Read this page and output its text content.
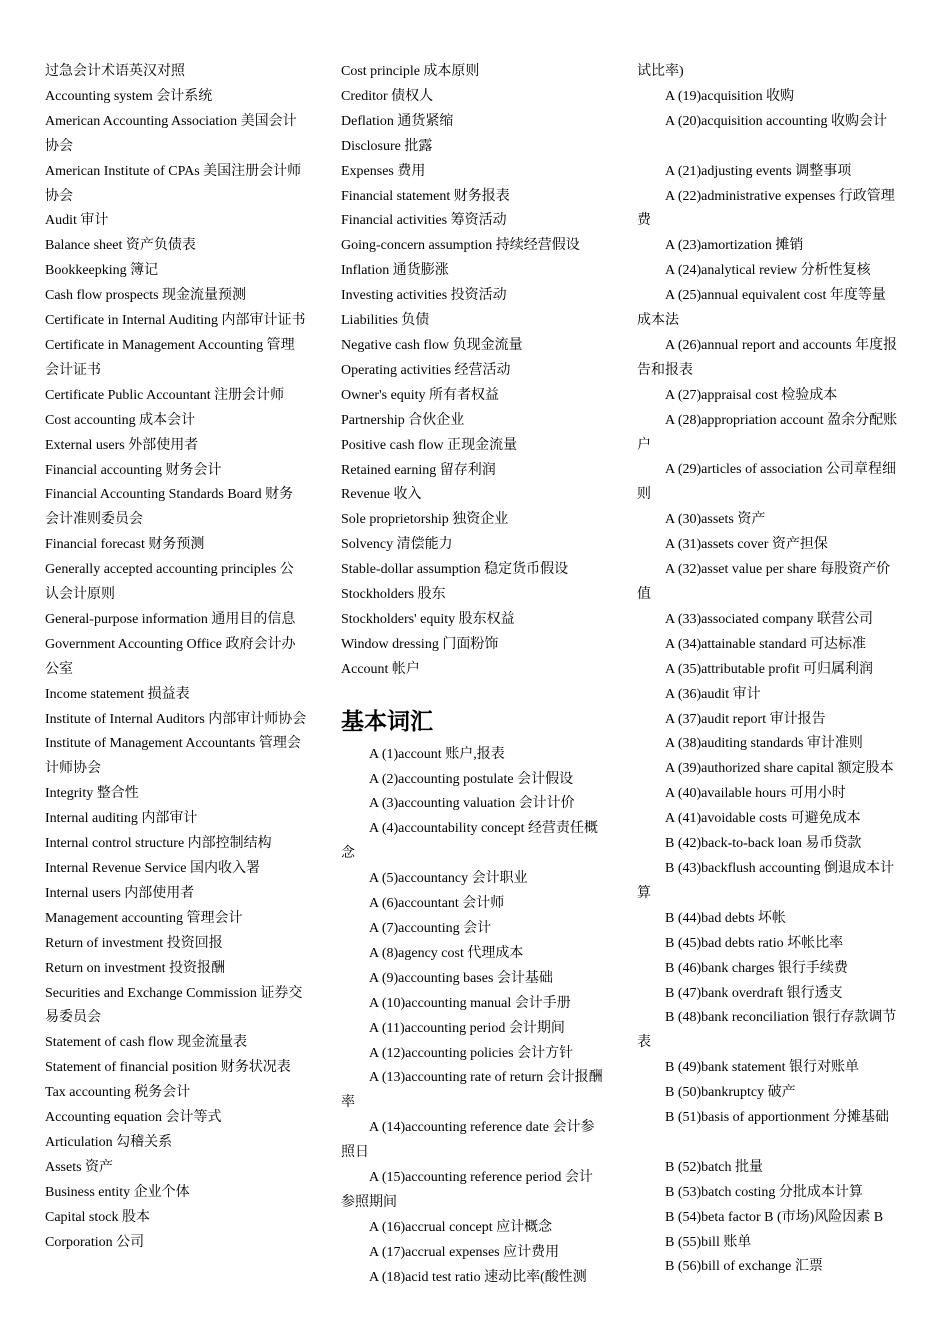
过急会计术语英汉对照

Accounting system 会计系统

American Accounting Association 美国会计协会

American Institute of CPAs 美国注册会计师协会

Audit 审计

Balance sheet 资产负债表

Bookkeepking 簿记

Cash flow prospects 现金流量预测

Certificate in Internal Auditing 内部审计证书

Certificate in Management Accounting 管理会计证书

Certificate Public Accountant 注册会计师

Cost accounting 成本会计

External users 外部使用者

Financial accounting 财务会计

Financial Accounting Standards Board 财务会计准则委员会

Financial forecast 财务预测

Generally accepted accounting principles 公认会计原则

General-purpose information 通用目的信息

Government Accounting Office 政府会计办公室

Income statement 损益表

Institute of Internal Auditors 内部审计师协会

Institute of Management Accountants 管理会计师协会

Integrity 整合性

Internal auditing 内部审计

Internal control structure 内部控制结构

Internal Revenue Service 国内收入署

Internal users 内部使用者

Management accounting 管理会计

Return of investment 投资回报

Return on investment 投资报酬

Securities and Exchange Commission 证券交易委员会

Statement of cash flow 现金流量表

Statement of financial position 财务状况表

Tax accounting 税务会计

Accounting equation 会计等式

Articulation 勾稽关系

Assets 资产

Business entity 企业个体

Capital stock 股本

Corporation 公司

Cost principle 成本原则

Creditor 债权人

Deflation 通货紧缩

Disclosure 批露

Expenses 费用

Financial statement 财务报表

Financial activities 筹资活动

Going-concern assumption 持续经营假设

Inflation 通货膨涨

Investing activities 投资活动

Liabilities 负债

Negative cash flow 负现金流量

Operating activities 经营活动

Owner's equity 所有者权益

Partnership 合伙企业

Positive cash flow 正现金流量

Retained earning 留存利润

Revenue 收入

Sole proprietorship 独资企业

Solvency 清偿能力

Stable-dollar assumption 稳定货币假设

Stockholders 股东

Stockholders' equity 股东权益

Window dressing 门面粉饰

Account 帐户

基本词汇

A (1)account 账户,报表

A (2)accounting postulate 会计假设

A (3)accounting valuation 会计计价

A (4)accountability concept 经营责任概念

A (5)accountancy 会计职业

A (6)accountant 会计师

A (7)accounting 会计

A (8)agency cost 代理成本

A (9)accounting bases 会计基础

A (10)accounting manual 会计手册

A (11)accounting period 会计期间

A (12)accounting policies 会计方针

A (13)accounting rate of return 会计报酬率

A (14)accounting reference date 会计参照日

A (15)accounting reference period 会计参照期间

A (16)accrual concept 应计概念

A (17)accrual expenses 应计费用

A (18)acid test ratio 速动比率(酸性测

试比率)

A (19)acquisition 收购

A (20)acquisition accounting 收购会计

A (21)adjusting events 调整事项

A (22)administrative expenses 行政管理费

A (23)amortization 摊销

A (24)analytical review 分析性复核

A (25)annual equivalent cost 年度等量成本法

A (26)annual report and accounts 年度报告和报表

A (27)appraisal cost 检验成本

A (28)appropriation account 盈余分配账户

A (29)articles of association 公司章程细则

A (30)assets 资产

A (31)assets cover 资产担保

A (32)asset value per share 每股资产价值

A (33)associated company 联营公司

A (34)attainable standard 可达标准

A (35)attributable profit 可归属利润

A (36)audit 审计

A (37)audit report 审计报告

A (38)auditing standards 审计准则

A (39)authorized share capital 额定股本

A (40)available hours 可用小时

A (41)avoidable costs 可避免成本

B (42)back-to-back loan 易币贷款

B (43)backflush accounting 倒退成本计算

B (44)bad debts 坏帐

B (45)bad debts ratio 坏帐比率

B (46)bank charges 银行手续费

B (47)bank overdraft 银行透支

B (48)bank reconciliation 银行存款调节表

B (49)bank statement 银行对账单

B (50)bankruptcy 破产

B (51)basis of apportionment 分摊基础

B (52)batch 批量

B (53)batch costing 分批成本计算

B (54)beta factor B (市场)风险因素 B

B (55)bill 账单

B (56)bill of exchange 汇票
